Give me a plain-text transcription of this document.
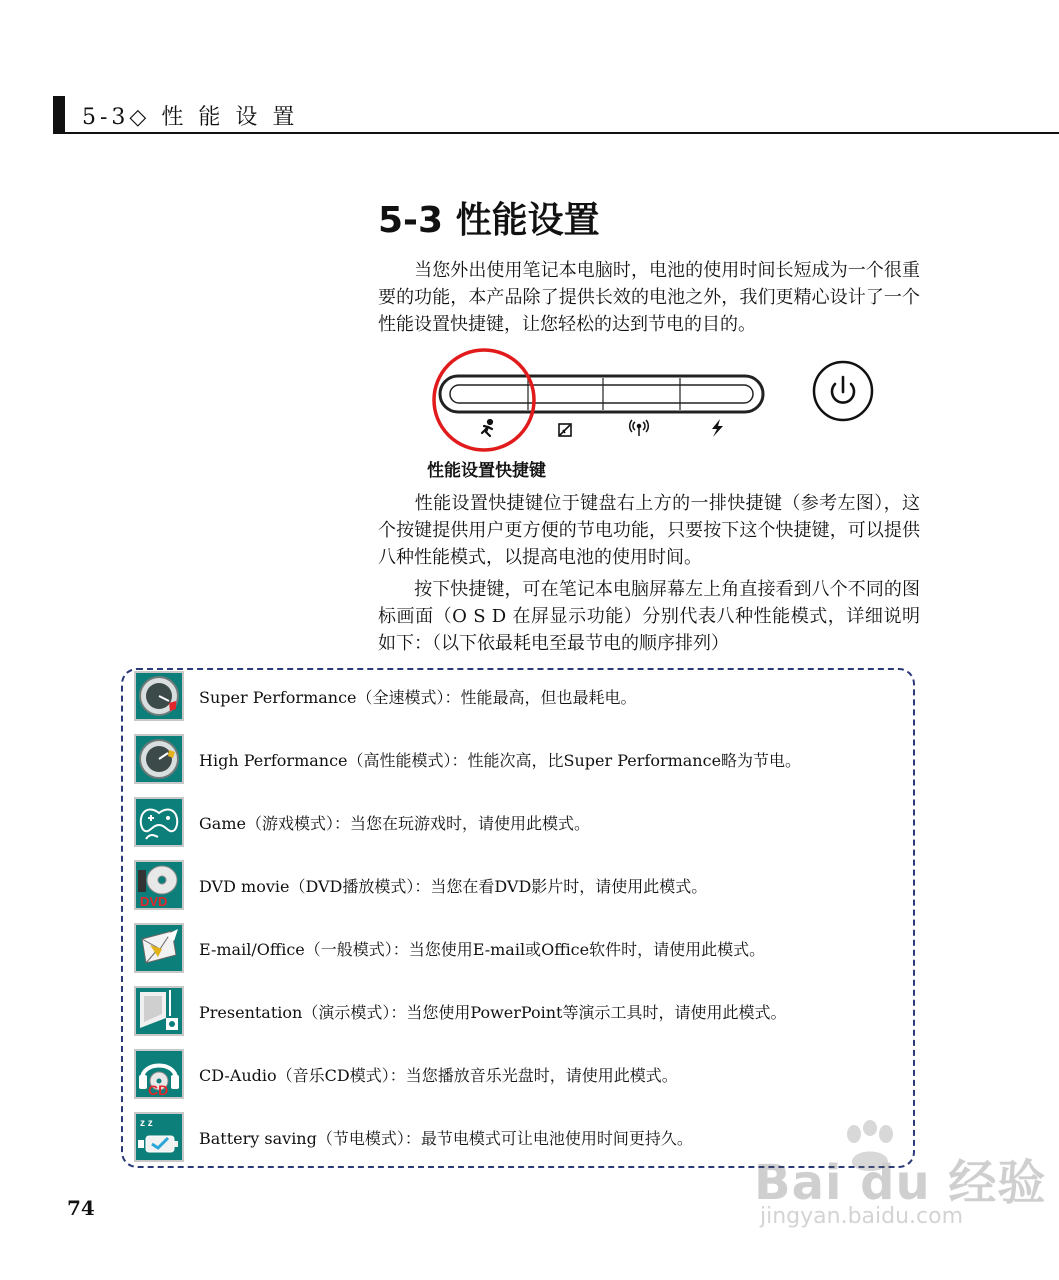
5-3◇ 性 能 设 置
5-3 性能设置
　　当您外出使用笔记本电脑时，电池的使用时间长短成为一个很重要的功能，本产品除了提供长效的电池之外，我们更精心设计了一个性能设置快捷键，让您轻松的达到节电的目的。
性能设置快捷键
　　性能设置快捷键位于键盘右上方的一排快捷键（参考左图），这个按键提供用户更方便的节电功能，只要按下这个快捷键，可以提供八种性能模式，以提高电池的使用时间。
　　按下快捷键，可在笔记本电脑屏幕左上角直接看到八个不同的图标画面（O S D 在屏显示功能）分别代表八种性能模式，详细说明如下：（以下依最耗电至最节电的顺序排列）
Super Performance（全速模式）：性能最高，但也最耗电。
High Performance（高性能模式）：性能次高，比Super Performance略为节电。
Game（游戏模式）：当您在玩游戏时，请使用此模式。
DVD
DVD movie（DVD播放模式）：当您在看DVD影片时，请使用此模式。
E-mail/Office（一般模式）：当您使用E-mail或Office软件时，请使用此模式。
Presentation（演示模式）：当您使用PowerPoint等演示工具时，请使用此模式。
CD
CD-Audio（音乐CD模式）：当您播放音乐光盘时，请使用此模式。
z z
Battery saving（节电模式）：最节电模式可让电池使用时间更持久。
74	Bai du 经验
jingyan.baidu.com
